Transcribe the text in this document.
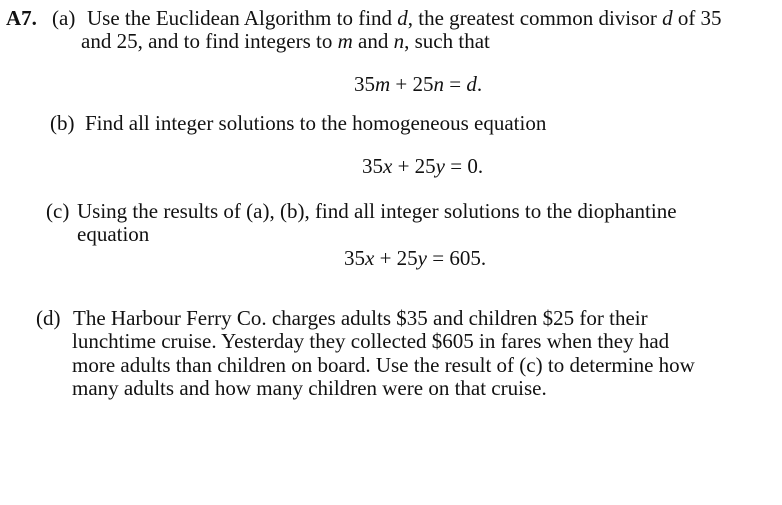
A7. (a) Use the Euclidean Algorithm to find d, the greatest common divisor d of 35
and 25, and to find integers to m and n, such that
35m + 25n = d.
(b) Find all integer solutions to the homogeneous equation
35x + 25y = 0.
(c) Using the results of (a), (b), find all integer solutions to the diophantine
equation
35x + 25y = 605.
(d) The Harbour Ferry Co. charges adults $35 and children $25 for their
lunchtime cruise. Yesterday they collected $605 in fares when they had
more adults than children on board. Use the result of (c) to determine how
many adults and how many children were on that cruise.
